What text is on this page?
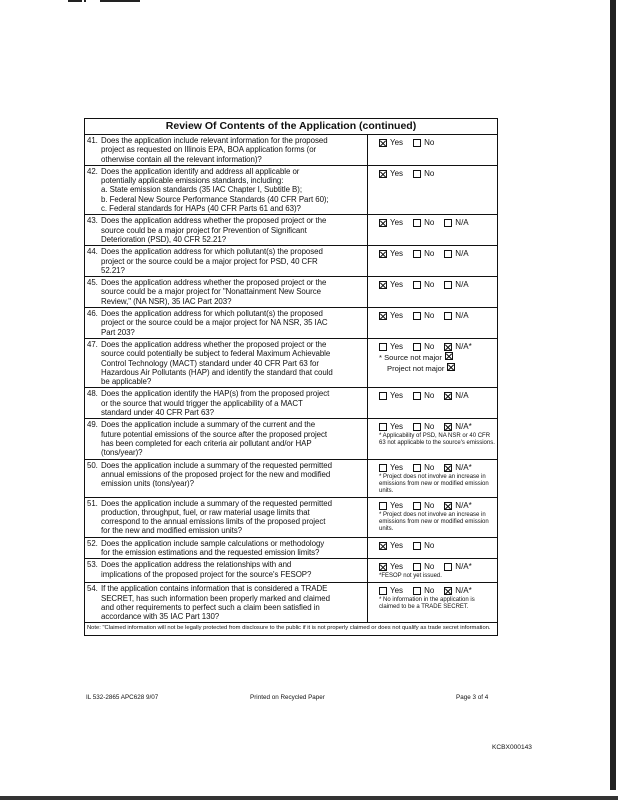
Review Of Contents of the Application (continued)
41. Does the application include relevant information for the proposed
project as requested on Illinois EPA, BOA application forms (or
otherwise contain all the relevant information)?
Yes	No
42. Does the application identify and address all applicable or
potentially applicable emissions standards, including:
a. State emission standards (35 IAC Chapter I, Subtitle B);
b. Federal New Source Performance Standards (40 CFR Part 60);
c. Federal standards for HAPs (40 CFR Parts 61 and 63)?
Yes	No
43. Does the application address whether the proposed project or the
source could be a major project for Prevention of Significant
Deterioration (PSD), 40 CFR 52.21?
Yes	No	N/A
44. Does the application address for which pollutant(s) the proposed
project or the source could be a major project for PSD, 40 CFR
52.21?
Yes	No	N/A
45. Does the application address whether the proposed project or the
source could be a major project for "Nonattainment New Source
Review," (NA NSR), 35 IAC Part 203?
Yes	No	N/A
46. Does the application address for which pollutant(s) the proposed
project or the source could be a major project for NA NSR, 35 IAC
Part 203?
Yes	No	N/A
47. Does the application address whether the proposed project or the
source could potentially be subject to federal Maximum Achievable
Control Technology (MACT) standard under 40 CFR Part 63 for
Hazardous Air Pollutants (HAP) and identify the standard that could
be applicable?
Yes	No	N/A*
* Source not major
Project not major
48. Does the application identify the HAP(s) from the proposed project
or the source that would trigger the applicability of a MACT
standard under 40 CFR Part 63?
Yes	No	N/A
49. Does the application include a summary of the current and the
future potential emissions of the source after the proposed project
has been completed for each criteria air pollutant and/or HAP
(tons/year)?
Yes	No	N/A*
* Applicability of PSD, NA NSR or 40 CFR 63 not applicable to the source's emissions.
50. Does the application include a summary of the requested permitted
annual emissions of the proposed project for the new and modified
emission units (tons/year)?
Yes	No	N/A*
* Project does not involve an increase in emissions from new or modified emission units.
51. Does the application include a summary of the requested permitted
production, throughput, fuel, or raw material usage limits that
correspond to the annual emissions limits of the proposed project
for the new and modified emission units?
Yes	No	N/A*
* Project does not involve an increase in emissions from new or modified emission units.
52. Does the application include sample calculations or methodology
for the emission estimations and the requested emission limits?
Yes	No
53. Does the application address the relationships with and
implications of the proposed project for the source's FESOP?
Yes	No	N/A*
*FESOP not yet issued.
54. If the application contains information that is considered a TRADE
SECRET, has such information been properly marked and claimed
and other requirements to perfect such a claim been satisfied in
accordance with 35 IAC Part 130?
Yes	No	N/A*
* No information in the application is claimed to be a TRADE SECRET.
Note: "Claimed information will not be legally protected from disclosure to the public if it is not properly claimed or does not qualify as trade secret information.
IL 532-2865 APC628 9/07	Printed on Recycled Paper	Page 3 of 4
KCBX000143
